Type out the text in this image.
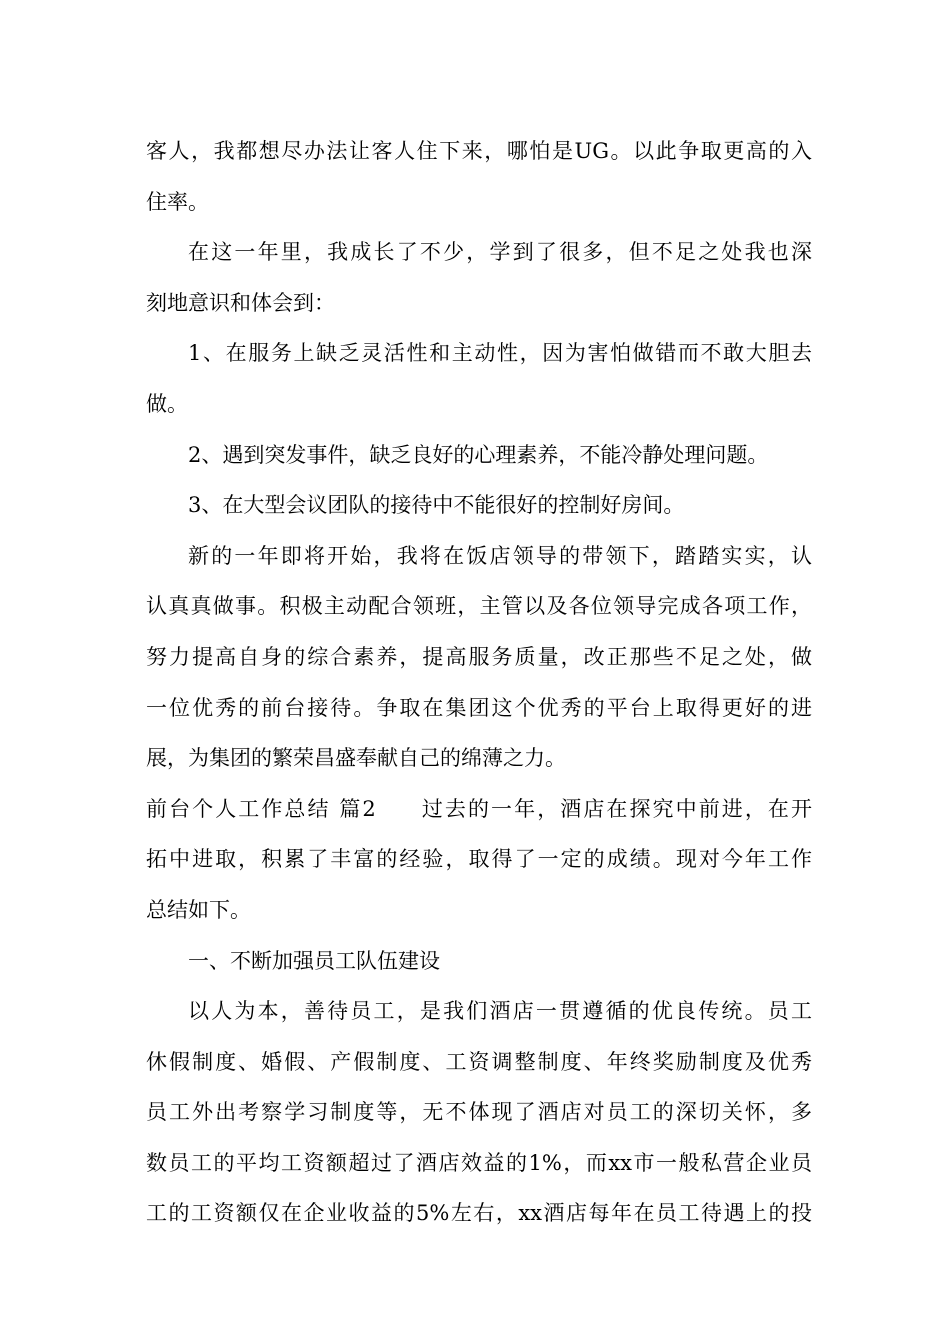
客人，我都想尽办法让客人住下来，哪怕是UG。以此争取更高的入
住率。
在这一年里，我成长了不少，学到了很多，但不足之处我也深
刻地意识和体会到：
1、在服务上缺乏灵活性和主动性，因为害怕做错而不敢大胆去
做。
2、遇到突发事件，缺乏良好的心理素养，不能冷静处理问题。
3、在大型会议团队的接待中不能很好的控制好房间。
新的一年即将开始，我将在饭店领导的带领下，踏踏实实，认
认真真做事。积极主动配合领班，主管以及各位领导完成各项工作，
努力提高自身的综合素养，提高服务质量，改正那些不足之处，做
一位优秀的前台接待。争取在集团这个优秀的平台上取得更好的进
展，为集团的繁荣昌盛奉献自己的绵薄之力。
前台个人工作总结 篇2 过去的一年，酒店在探究中前进，在开
拓中进取，积累了丰富的经验，取得了一定的成绩。现对今年工作
总结如下。
一、不断加强员工队伍建设
以人为本，善待员工，是我们酒店一贯遵循的优良传统。员工
休假制度、婚假、产假制度、工资调整制度、年终奖励制度及优秀
员工外出考察学习制度等，无不体现了酒店对员工的深切关怀，多
数员工的平均工资额超过了酒店效益的1%，而xx市一般私营企业员
工的工资额仅在企业收益的5%左右，xx酒店每年在员工待遇上的投
